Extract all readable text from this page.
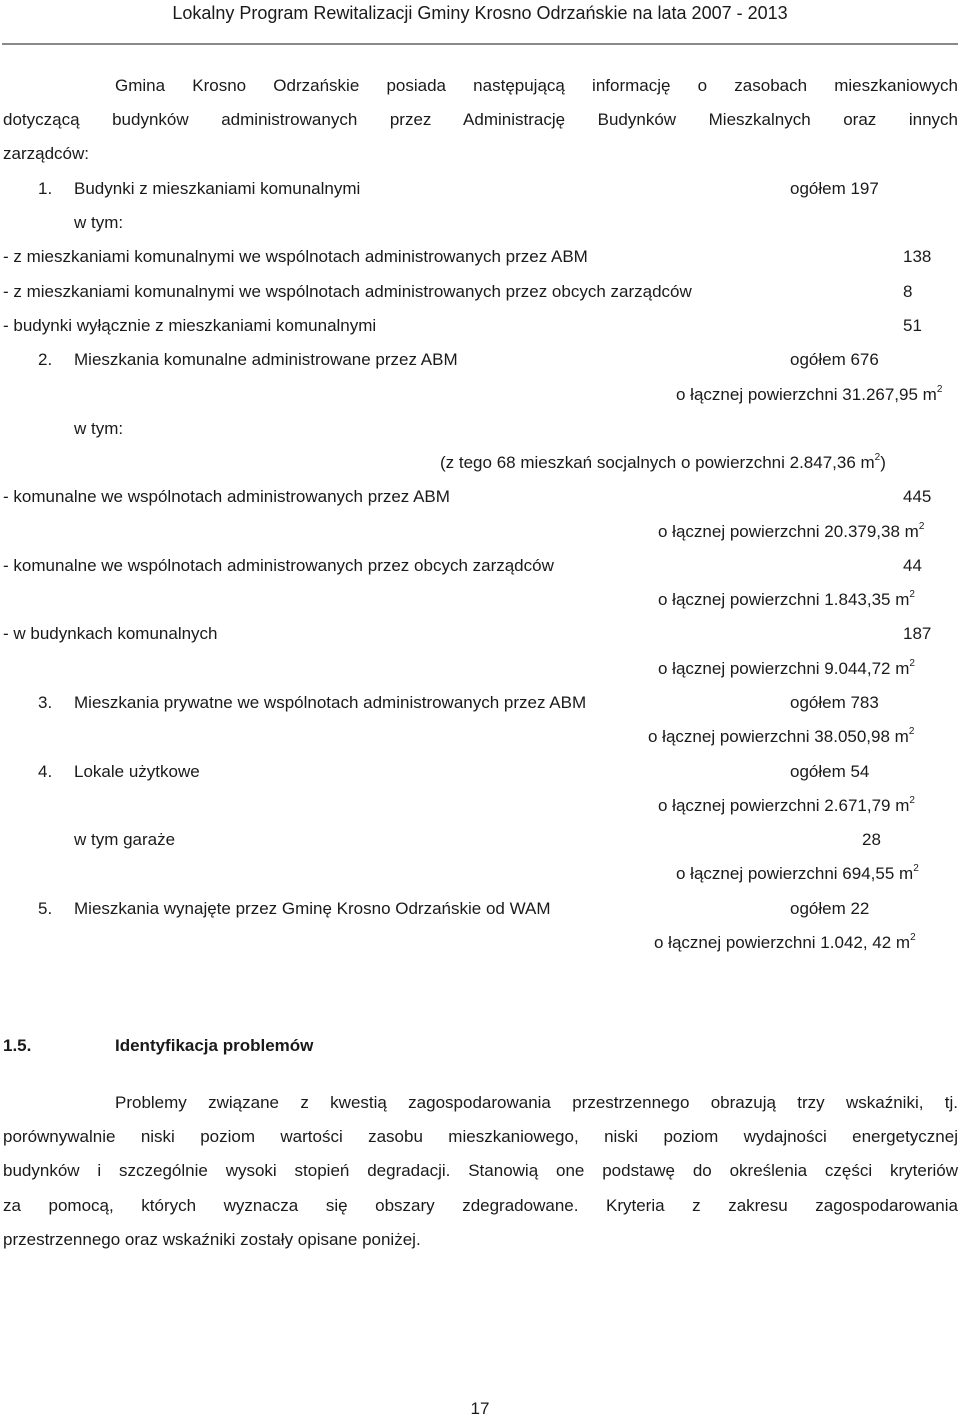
Lokalny Program Rewitalizacji Gminy Krosno Odrzańskie na lata 2007 - 2013
Gmina Krosno Odrzańskie posiada następującą informację o zasobach mieszkaniowych
dotyczącą budynków administrowanych przez Administrację Budynków Mieszkalnych oraz innych
zarządców:
1. Budynki z mieszkaniami komunalnymi	ogółem 197
w tym:
- z mieszkaniami komunalnymi we wspólnotach administrowanych przez ABM	138
- z mieszkaniami komunalnymi we wspólnotach administrowanych przez obcych zarządców	8
- budynki wyłącznie z mieszkaniami komunalnymi	51
2. Mieszkania komunalne administrowane przez ABM	ogółem 676
o łącznej powierzchni 31.267,95 $m^2$
w tym:
(z tego 68 mieszkań socjalnych o powierzchni 2.847,36 $m^2$)
- komunalne we wspólnotach administrowanych przez ABM	445
o łącznej powierzchni 20.379,38 $m^2$
- komunalne we wspólnotach administrowanych przez obcych zarządców	44
o łącznej powierzchni 1.843,35 $m^2$
- w budynkach komunalnych	187
o łącznej powierzchni 9.044,72 $m^2$
3. Mieszkania prywatne we wspólnotach administrowanych przez ABM	ogółem 783
o łącznej powierzchni 38.050,98 $m^2$
4. Lokale użytkowe	ogółem 54
o łącznej powierzchni 2.671,79 $m^2$
w tym garaże	28
o łącznej powierzchni 694,55 $m^2$
5. Mieszkania wynajęte przez Gminę Krosno Odrzańskie od WAM	ogółem 22
o łącznej powierzchni 1.042, 42 $m^2$
1.5.	Identyfikacja problemów
Problemy związane z kwestią zagospodarowania przestrzennego obrazują trzy wskaźniki, tj.
porównywalnie niski poziom wartości zasobu mieszkaniowego, niski poziom wydajności energetycznej
budynków i szczególnie wysoki stopień degradacji. Stanowią one podstawę do określenia części kryteriów
za pomocą, których wyznacza się obszary zdegradowane. Kryteria z zakresu zagospodarowania
przestrzennego oraz wskaźniki zostały opisane poniżej.
17
